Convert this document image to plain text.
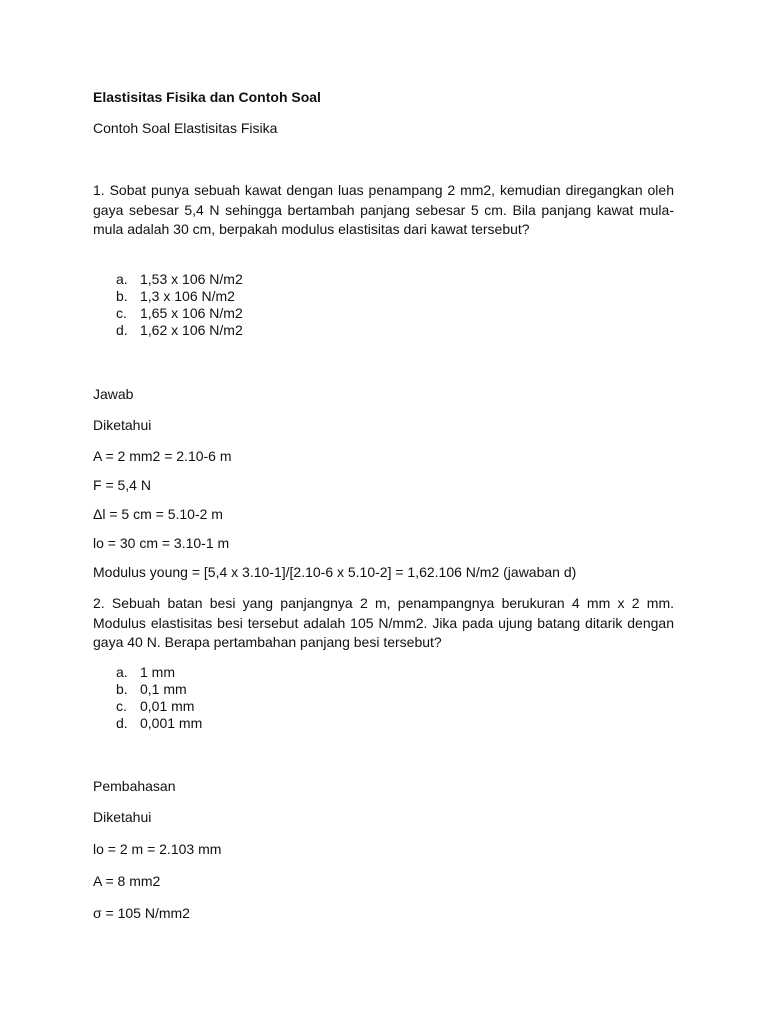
Elastisitas Fisika dan Contoh Soal

Contoh Soal Elastisitas Fisika

1. Sobat punya sebuah kawat dengan luas penampang 2 mm2, kemudian diregangkan oleh gaya sebesar 5,4 N sehingga bertambah panjang sebesar 5 cm. Bila panjang kawat mula-mula adalah 30 cm, berpakah modulus elastisitas dari kawat tersebut?

a. 1,53 x 106 N/m2
b. 1,3 x 106 N/m2
c. 1,65 x 106 N/m2
d. 1,62 x 106 N/m2

Jawab

Diketahui

A = 2 mm2 = 2.10-6 m

F = 5,4 N

Δl = 5 cm = 5.10-2 m

lo = 30 cm = 3.10-1 m

Modulus young = [5,4 x 3.10-1]/[2.10-6 x 5.10-2] = 1,62.106 N/m2 (jawaban d)

2. Sebuah batan besi yang panjangnya 2 m, penampangnya berukuran 4 mm x 2 mm. Modulus elastisitas besi tersebut adalah 105 N/mm2. Jika pada ujung batang ditarik dengan gaya 40 N. Berapa pertambahan panjang besi tersebut?

a. 1 mm
b. 0,1 mm
c. 0,01 mm
d. 0,001 mm

Pembahasan

Diketahui

lo = 2 m = 2.103 mm

A = 8 mm2

σ = 105 N/mm2
